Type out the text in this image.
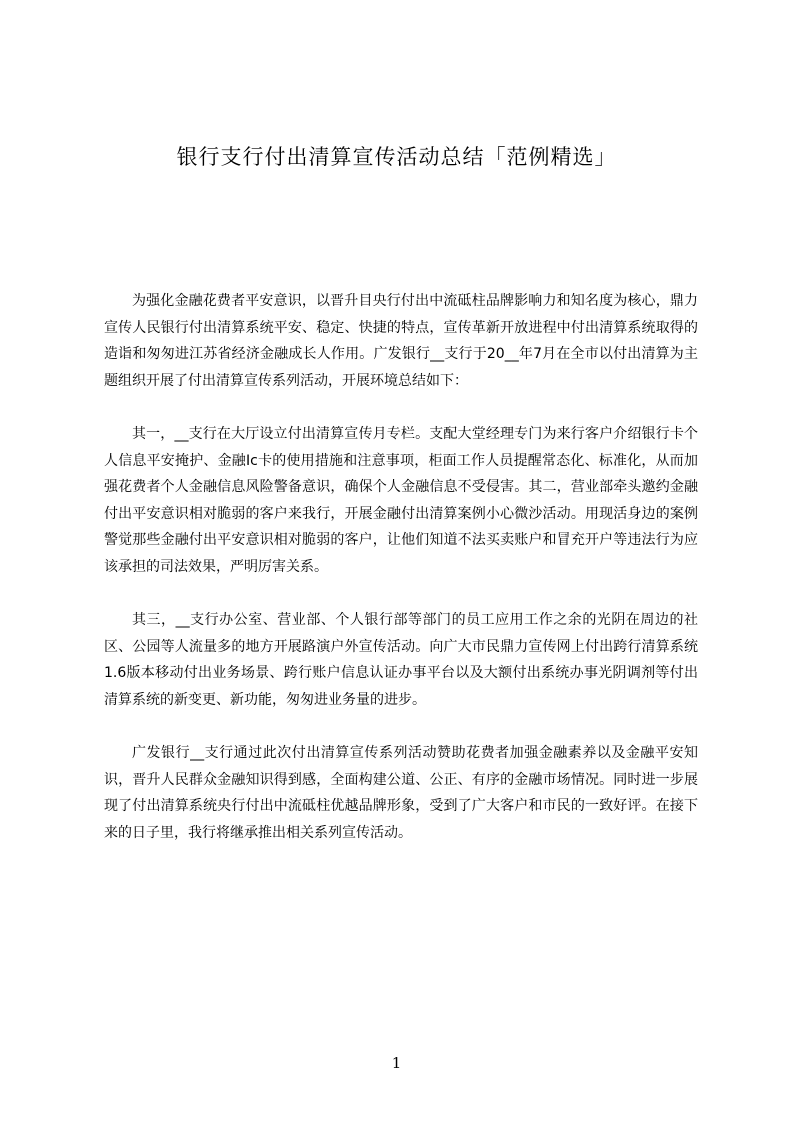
银行支行付出清算宣传活动总结「范例精选」

为强化金融花费者平安意识，以晋升目央行付出中流砥柱品牌影响力和知名度为核心，鼎力宣传人民银行付出清算系统平安、稳定、快捷的特点，宣传革新开放进程中付出清算系统取得的造诣和匆匆进江苏省经济金融成长人作用。广发银行__支行于20__年7月在全市以付出清算为主题组织开展了付出清算宣传系列活动，开展环境总结如下：

其一，__支行在大厅设立付出清算宣传月专栏。支配大堂经理专门为来行客户介绍银行卡个人信息平安掩护、金融Ic卡的使用措施和注意事项，柜面工作人员提醒常态化、标准化，从而加强花费者个人金融信息风险警备意识，确保个人金融信息不受侵害。其二，营业部牵头邀约金融付出平安意识相对脆弱的客户来我行，开展金融付出清算案例小心微沙活动。用现活身边的案例警觉那些金融付出平安意识相对脆弱的客户，让他们知道不法买卖账户和冒充开户等违法行为应该承担的司法效果，严明厉害关系。

其三，__支行办公室、营业部、个人银行部等部门的员工应用工作之余的光阴在周边的社区、公园等人流量多的地方开展路演户外宣传活动。向广大市民鼎力宣传网上付出跨行清算系统1.6版本移动付出业务场景、跨行账户信息认证办事平台以及大额付出系统办事光阴调剂等付出清算系统的新变更、新功能，匆匆进业务量的进步。

广发银行__支行通过此次付出清算宣传系列活动赞助花费者加强金融素养以及金融平安知识，晋升人民群众金融知识得到感，全面构建公道、公正、有序的金融市场情况。同时进一步展现了付出清算系统央行付出中流砥柱优越品牌形象，受到了广大客户和市民的一致好评。在接下来的日子里，我行将继承推出相关系列宣传活动。

1
